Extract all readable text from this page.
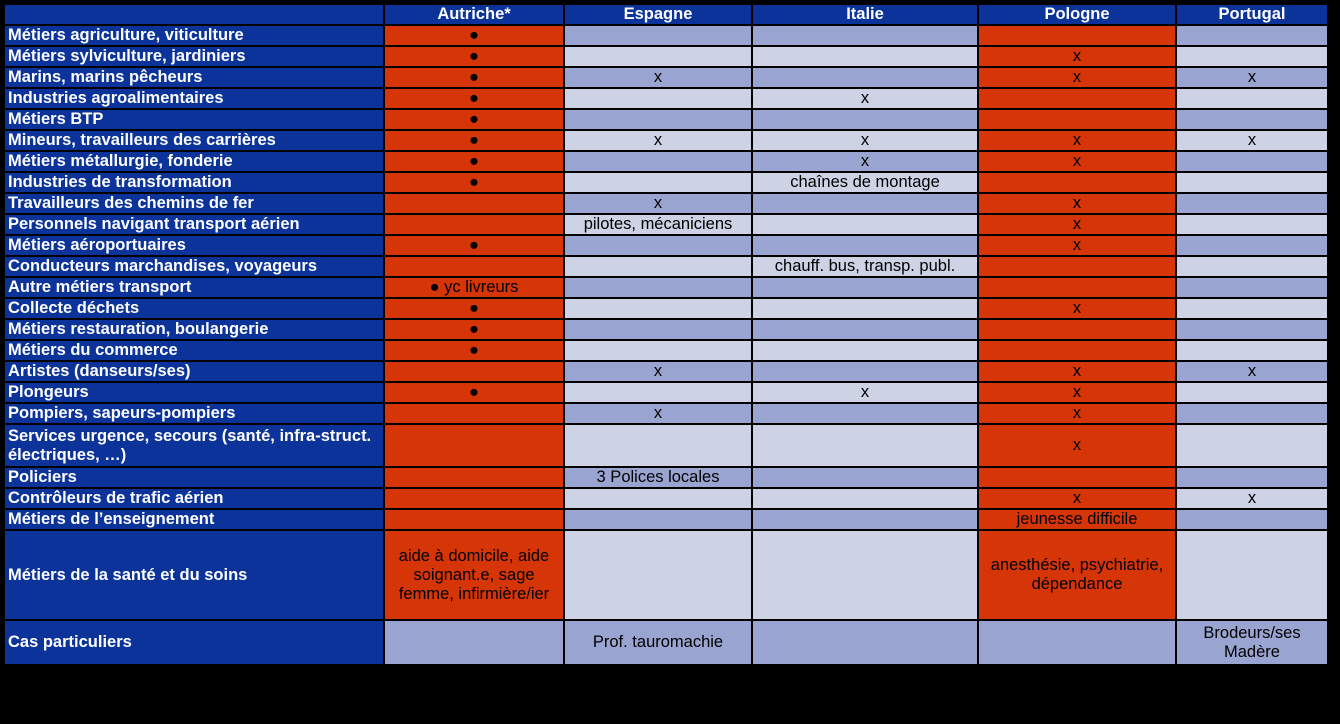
	Autriche*	Espagne	Italie	Pologne	Portugal
Métiers agriculture, viticulture	●				
Métiers sylviculture, jardiniers	●			x	
Marins, marins pêcheurs	●	x		x	x
Industries agroalimentaires	●		x		
Métiers BTP	●				
Mineurs, travailleurs des carrières	●	x	x	x	x
Métiers métallurgie, fonderie	●		x	x	
Industries de transformation	●		chaînes de montage		
Travailleurs des chemins de fer		x		x	
Personnels navigant transport aérien		pilotes, mécaniciens		x	
Métiers aéroportuaires	●			x	
Conducteurs marchandises, voyageurs			chauff. bus, transp. publ.		
Autre métiers transport	● yc livreurs				
Collecte déchets	●			x	
Métiers restauration, boulangerie	●				
Métiers du commerce	●				
Artistes (danseurs/ses)		x		x	x
Plongeurs	●		x	x	
Pompiers, sapeurs-pompiers		x		x	
Services urgence, secours (santé, infra-struct. électriques, …)				x	
Policiers		3 Polices locales			
Contrôleurs de trafic aérien				x	x
Métiers de l’enseignement				jeunesse difficile	
Métiers de la santé et du soins	aide à domicile, aide soignant.e, sage femme, infirmière/ier			anesthésie, psychiatrie, dépendance	
Cas particuliers		Prof. tauromachie			Brodeurs/ses Madère
